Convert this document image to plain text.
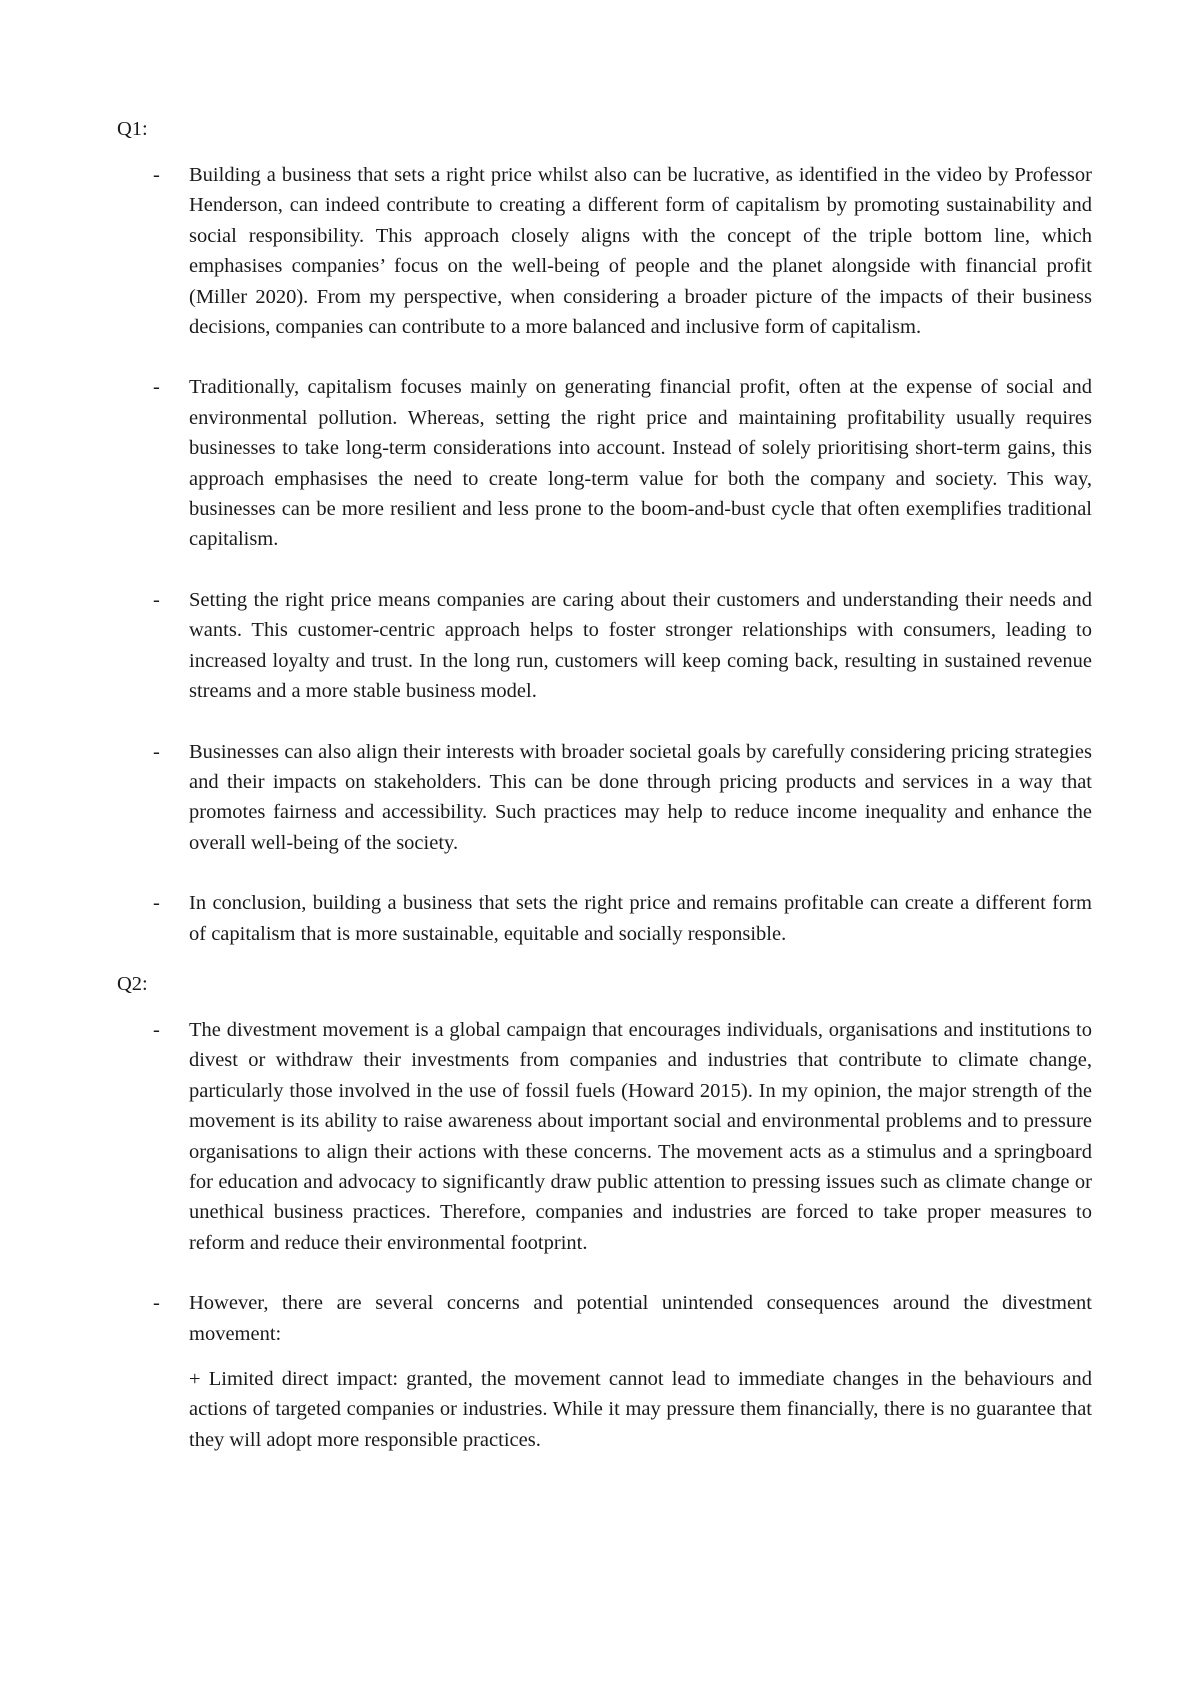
Q1:

- Building a business that sets a right price whilst also can be lucrative, as identified in the video by Professor Henderson, can indeed contribute to creating a different form of capitalism by promoting sustainability and social responsibility. This approach closely aligns with the concept of the triple bottom line, which emphasises companies’ focus on the well-being of people and the planet alongside with financial profit (Miller 2020). From my perspective, when considering a broader picture of the impacts of their business decisions, companies can contribute to a more balanced and inclusive form of capitalism.
- Traditionally, capitalism focuses mainly on generating financial profit, often at the expense of social and environmental pollution. Whereas, setting the right price and maintaining profitability usually requires businesses to take long-term considerations into account. Instead of solely prioritising short-term gains, this approach emphasises the need to create long-term value for both the company and society. This way, businesses can be more resilient and less prone to the boom-and-bust cycle that often exemplifies traditional capitalism.
- Setting the right price means companies are caring about their customers and understanding their needs and wants. This customer-centric approach helps to foster stronger relationships with consumers, leading to increased loyalty and trust. In the long run, customers will keep coming back, resulting in sustained revenue streams and a more stable business model.
- Businesses can also align their interests with broader societal goals by carefully considering pricing strategies and their impacts on stakeholders. This can be done through pricing products and services in a way that promotes fairness and accessibility. Such practices may help to reduce income inequality and enhance the overall well-being of the society.
- In conclusion, building a business that sets the right price and remains profitable can create a different form of capitalism that is more sustainable, equitable and socially responsible.

Q2:

- The divestment movement is a global campaign that encourages individuals, organisations and institutions to divest or withdraw their investments from companies and industries that contribute to climate change, particularly those involved in the use of fossil fuels (Howard 2015). In my opinion, the major strength of the movement is its ability to raise awareness about important social and environmental problems and to pressure organisations to align their actions with these concerns. The movement acts as a stimulus and a springboard for education and advocacy to significantly draw public attention to pressing issues such as climate change or unethical business practices. Therefore, companies and industries are forced to take proper measures to reform and reduce their environmental footprint.
- However, there are several concerns and potential unintended consequences around the divestment movement:
+ Limited direct impact: granted, the movement cannot lead to immediate changes in the behaviours and actions of targeted companies or industries. While it may pressure them financially, there is no guarantee that they will adopt more responsible practices.
